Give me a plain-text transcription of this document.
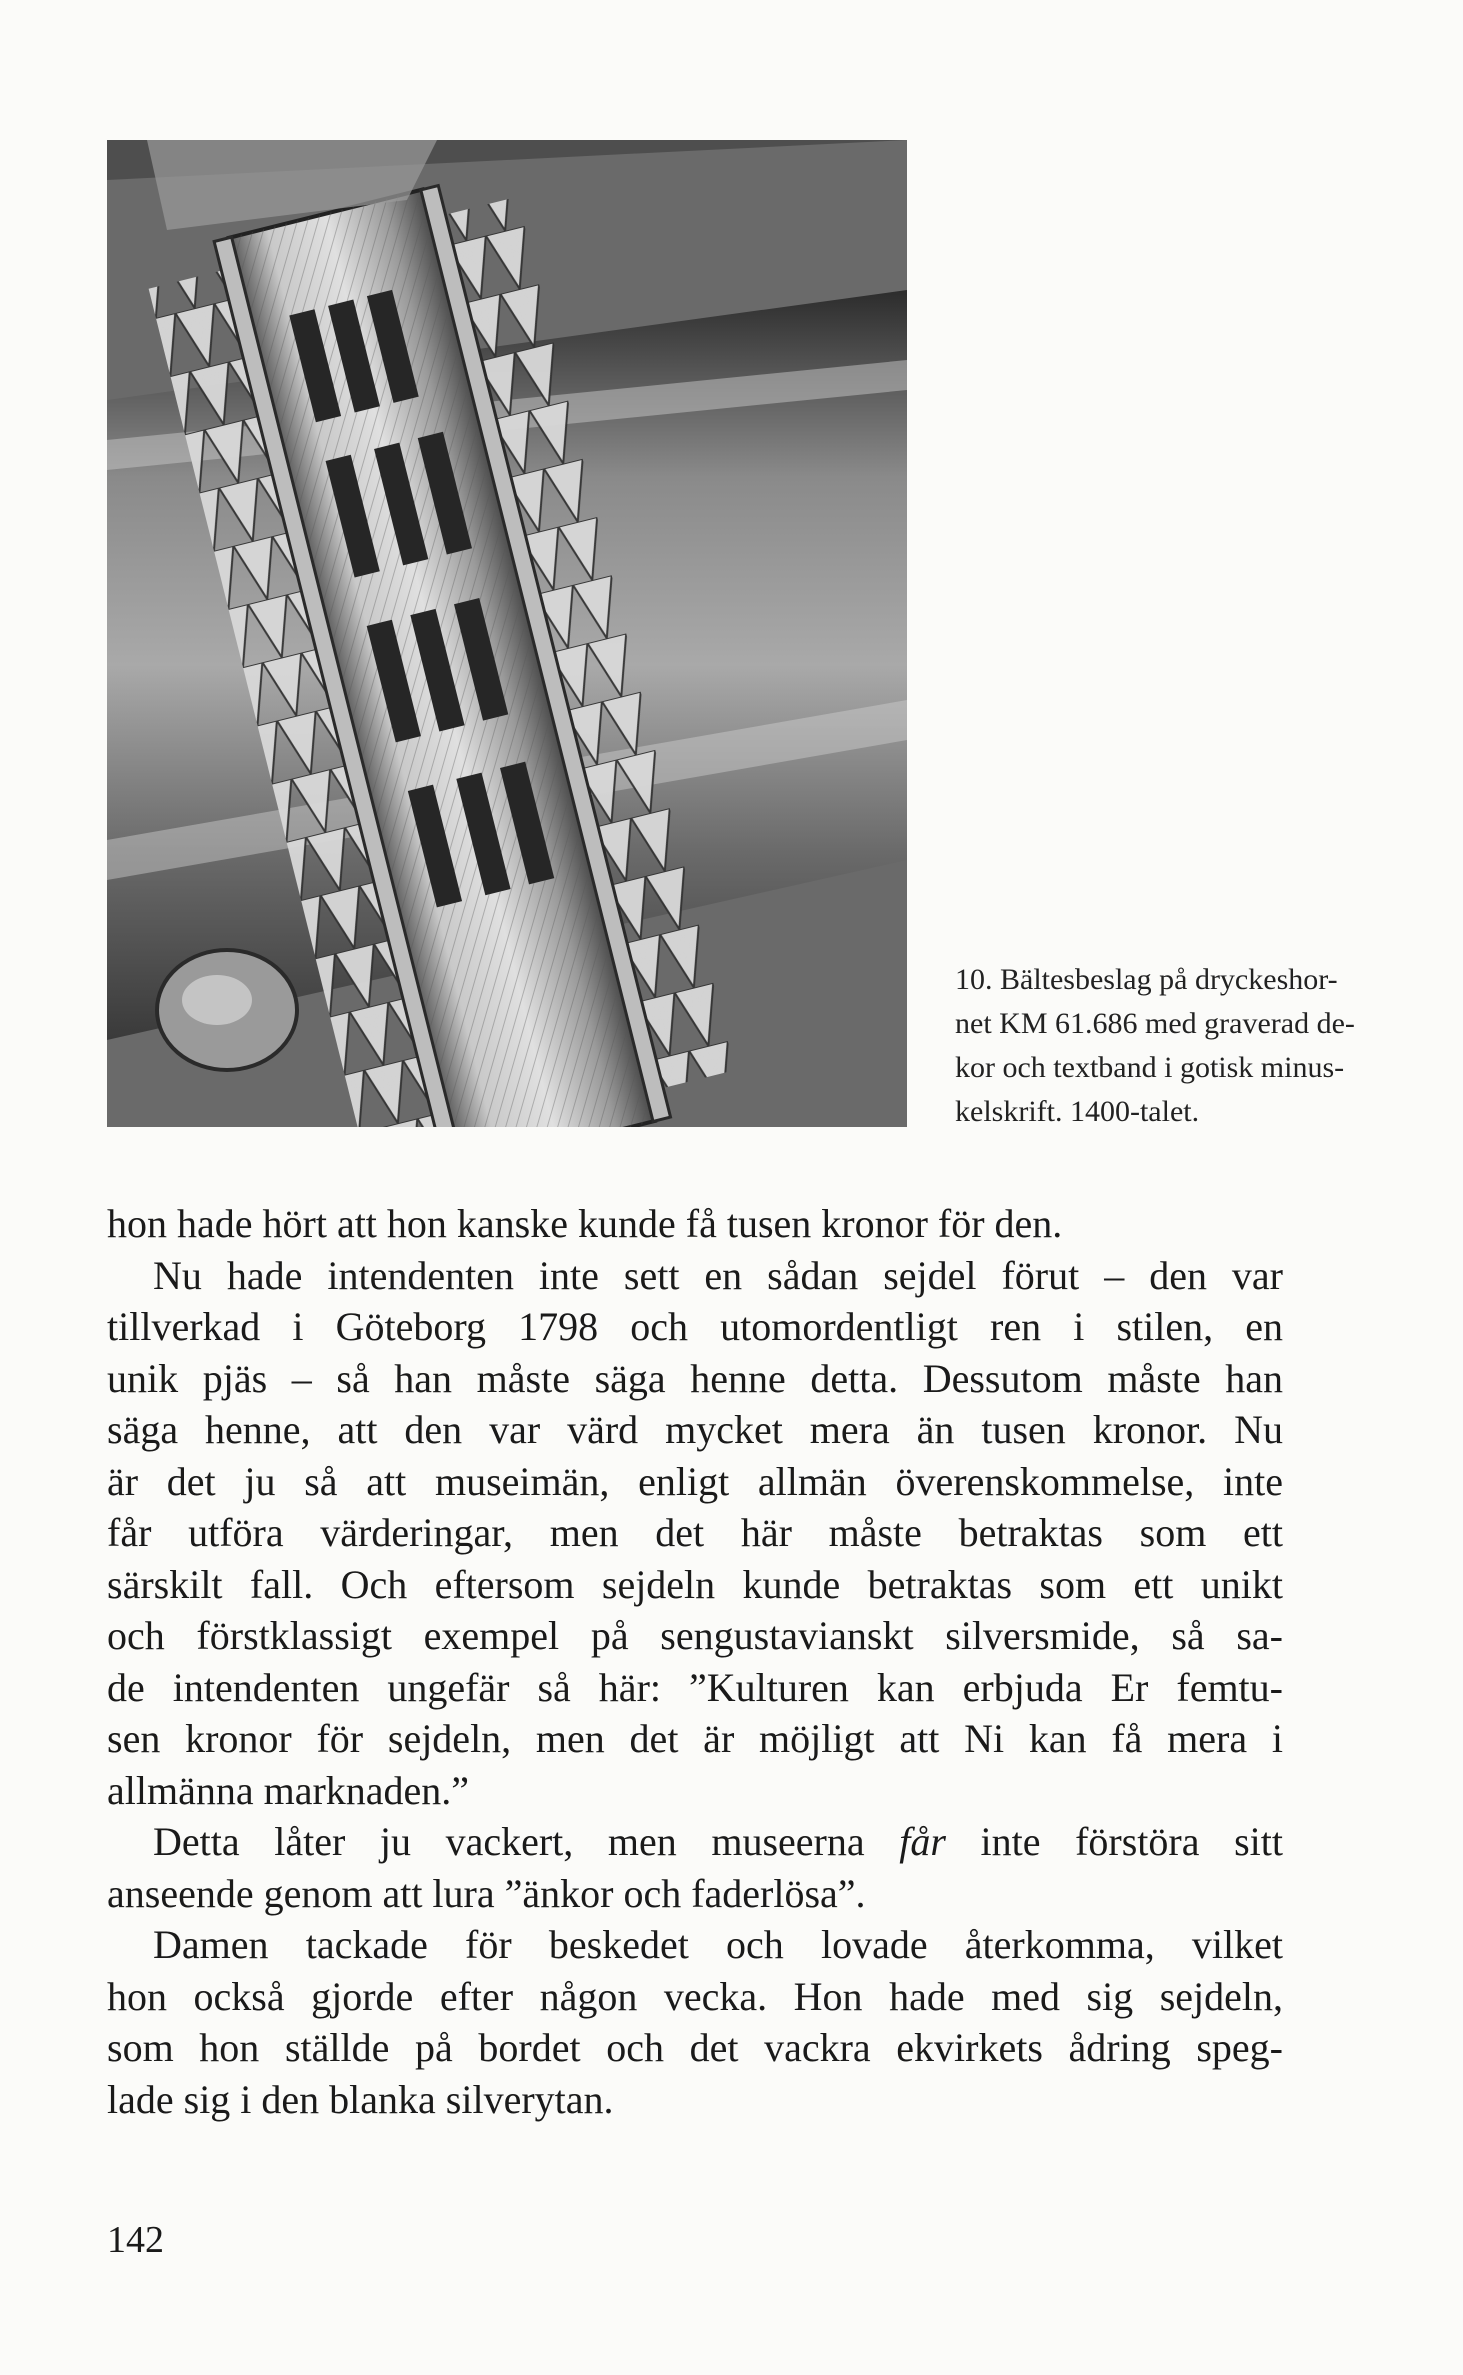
10. Bältesbeslag på dryckeshor-
net KM 61.686 med graverad de-
kor och textband i gotisk minus-
kelskrift. 1400-talet.
hon hade hört att hon kanske kunde få tusen kronor för den.
Nu hade intendenten inte sett en sådan sejdel förut – den var
tillverkad i Göteborg 1798 och utomordentligt ren i stilen, en
unik pjäs – så han måste säga henne detta. Dessutom måste han
säga henne, att den var värd mycket mera än tusen kronor. Nu
är det ju så att museimän, enligt allmän överenskommelse, inte
får utföra värderingar, men det här måste betraktas som ett
särskilt fall. Och eftersom sejdeln kunde betraktas som ett unikt
och förstklassigt exempel på sengustavianskt silversmide, så sa-
de intendenten ungefär så här: ”Kulturen kan erbjuda Er femtu-
sen kronor för sejdeln, men det är möjligt att Ni kan få mera i
allmänna marknaden.”
Detta låter ju vackert, men museerna får inte förstöra sitt
anseende genom att lura ”änkor och faderlösa”.
Damen tackade för beskedet och lovade återkomma, vilket
hon också gjorde efter någon vecka. Hon hade med sig sejdeln,
som hon ställde på bordet och det vackra ekvirkets ådring speg-
lade sig i den blanka silverytan.
142
